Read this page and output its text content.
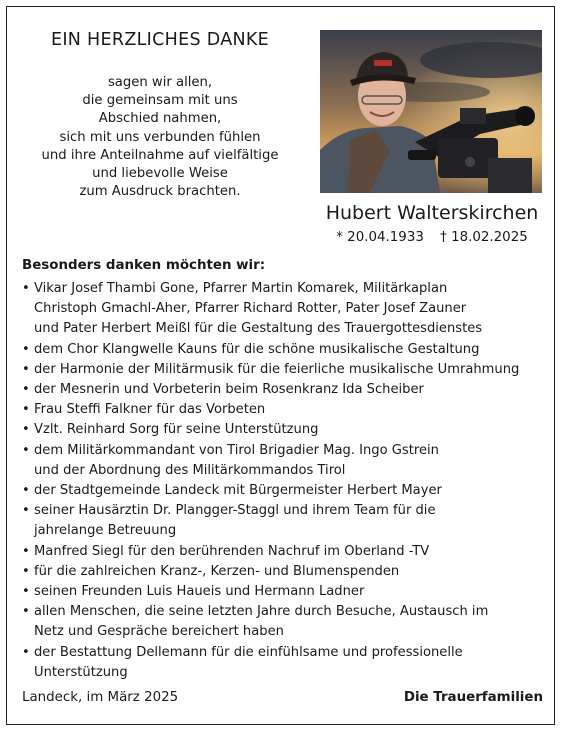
EIN HERZLICHES DANKE
sagen wir allen,
die gemeinsam mit uns
Abschied nahmen,
sich mit uns verbunden fühlen
und ihre Anteilnahme auf vielfältige
und liebevolle Weise
zum Ausdruck brachten.
Hubert Walterskirchen
* 20.04.1933 † 18.02.2025
Besonders danken möchten wir:
• Vikar Josef Thambi Gone, Pfarrer Martin Komarek, Militärkaplan
Christoph Gmachl-Aher, Pfarrer Richard Rotter, Pater Josef Zauner
und Pater Herbert Meißl für die Gestaltung des Trauergottesdienstes
• dem Chor Klangwelle Kauns für die schöne musikalische Gestaltung
• der Harmonie der Militärmusik für die feierliche musikalische Umrahmung
• der Mesnerin und Vorbeterin beim Rosenkranz Ida Scheiber
• Frau Steffi Falkner für das Vorbeten
• Vzlt. Reinhard Sorg für seine Unterstützung
• dem Militärkommandant von Tirol Brigadier Mag. Ingo Gstrein
und der Abordnung des Militärkommandos Tirol
• der Stadtgemeinde Landeck mit Bürgermeister Herbert Mayer
• seiner Hausärztin Dr. Plangger-Staggl und ihrem Team für die
jahrelange Betreuung
• Manfred Siegl für den berührenden Nachruf im Oberland -TV
• für die zahlreichen Kranz-, Kerzen- und Blumenspenden
• seinen Freunden Luis Haueis und Hermann Ladner
• allen Menschen, die seine letzten Jahre durch Besuche, Austausch im
Netz und Gespräche bereichert haben
• der Bestattung Dellemann für die einfühlsame und professionelle
Unterstützung
Landeck, im März 2025	Die Trauerfamilien
